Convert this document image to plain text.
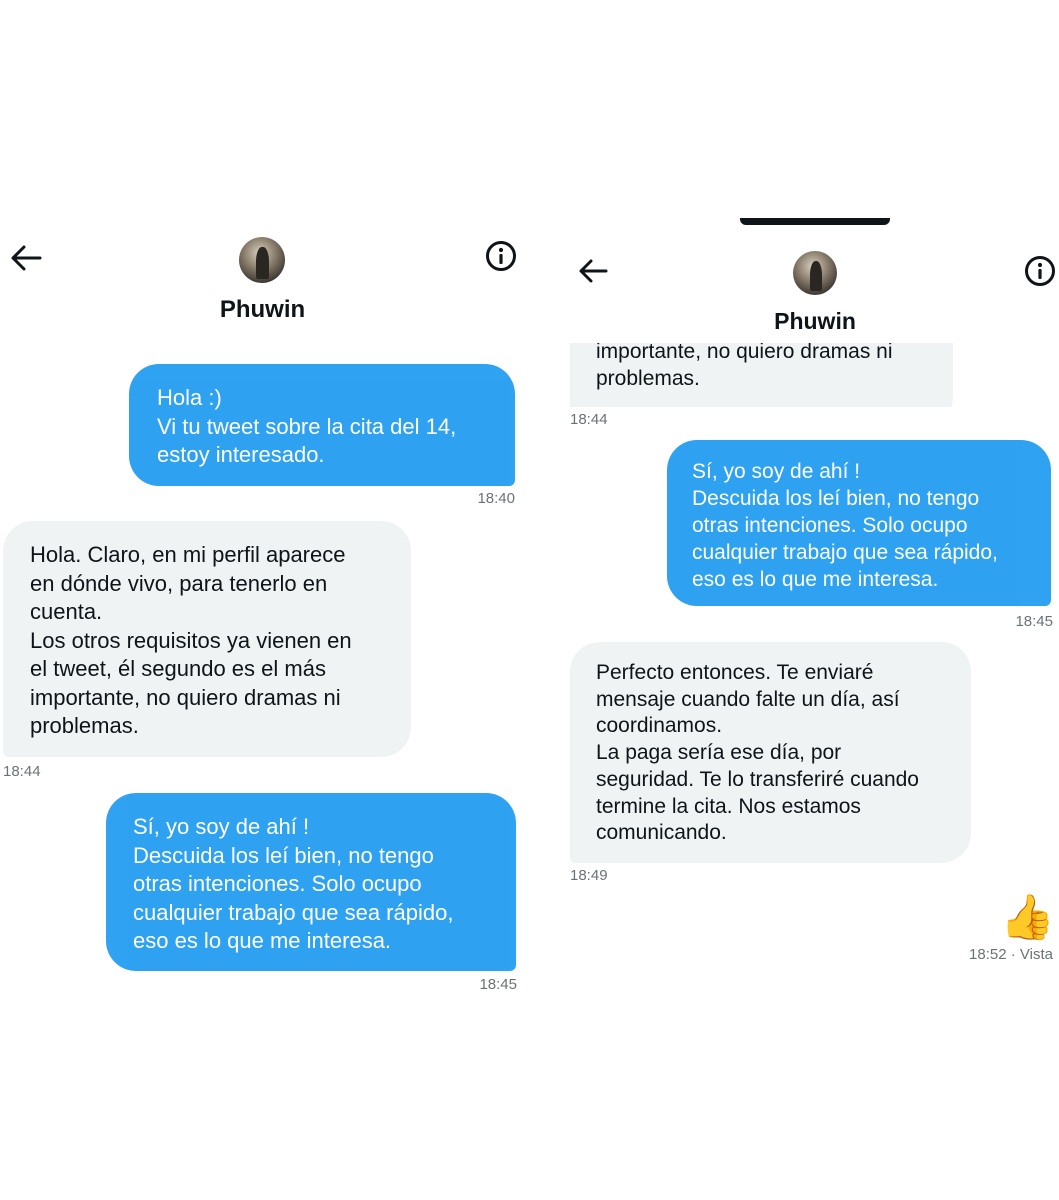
Phuwin
Hola :)
Vi tu tweet sobre la cita del 14,
estoy interesado.
18:40
Hola. Claro, en mi perfil aparece
en dónde vivo, para tenerlo en
cuenta.
Los otros requisitos ya vienen en
el tweet, él segundo es el más
importante, no quiero dramas ni
problemas.
18:44
Sí, yo soy de ahí !
Descuida los leí bien, no tengo
otras intenciones. Solo ocupo
cualquier trabajo que sea rápido,
eso es lo que me interesa.
18:45
Phuwin
importante, no quiero dramas ni
problemas.
18:44
Sí, yo soy de ahí !
Descuida los leí bien, no tengo
otras intenciones. Solo ocupo
cualquier trabajo que sea rápido,
eso es lo que me interesa.
18:45
Perfecto entonces. Te enviaré
mensaje cuando falte un día, así
coordinamos.
La paga sería ese día, por
seguridad. Te lo transferiré cuando
termine la cita. Nos estamos
comunicando.
18:49
👍
18:52 · Vista
